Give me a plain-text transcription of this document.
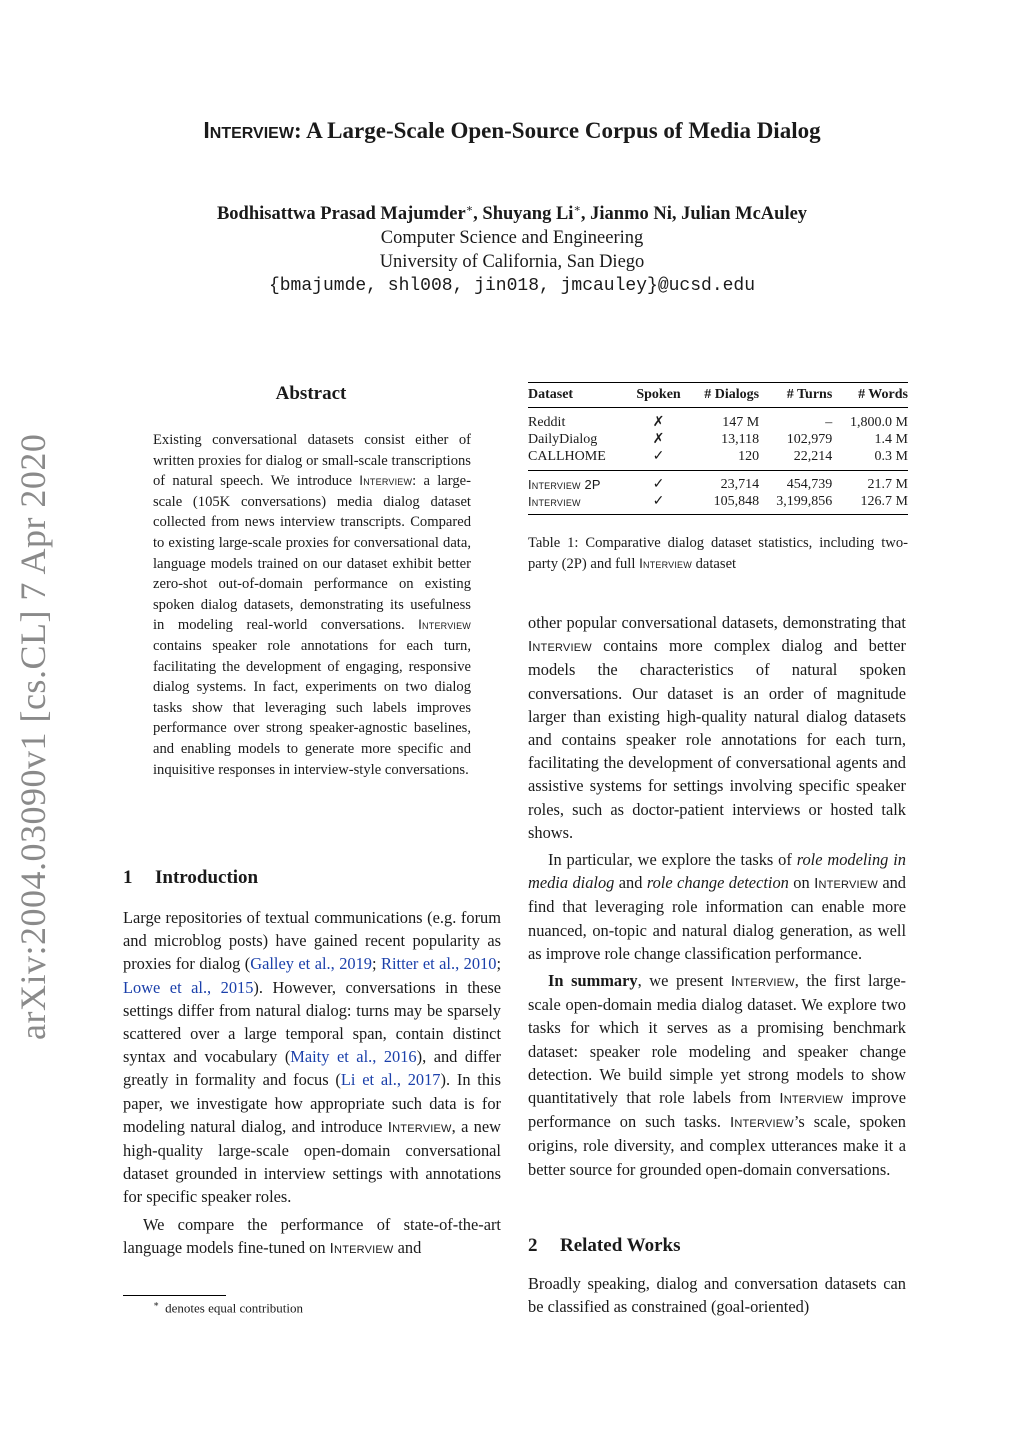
arXiv:2004.03090v1 [cs.CL] 7 Apr 2020
Interview: A Large-Scale Open-Source Corpus of Media Dialog
Bodhisattwa Prasad Majumder∗, Shuyang Li∗, Jianmo Ni, Julian McAuley
Computer Science and Engineering
University of California, San Diego
{bmajumde, shl008, jin018, jmcauley}@ucsd.edu
Abstract
Existing conversational datasets consist either of written proxies for dialog or small-scale transcriptions of natural speech. We introduce Interview: a large-scale (105K conversations) media dialog dataset collected from news interview transcripts. Compared to existing large-scale proxies for conversational data, language models trained on our dataset exhibit better zero-shot out-of-domain performance on existing spoken dialog datasets, demonstrating its usefulness in modeling real-world conversations. Interview contains speaker role annotations for each turn, facilitating the development of engaging, responsive dialog systems. In fact, experiments on two dialog tasks show that leveraging such labels improves performance over strong speaker-agnostic baselines, and enabling models to generate more specific and inquisitive responses in interview-style conversations.
1 Introduction

Large repositories of textual communications (e.g. forum and microblog posts) have gained recent popularity as proxies for dialog (Galley et al., 2019; Ritter et al., 2010; Lowe et al., 2015). However, conversations in these settings differ from natural dialog: turns may be sparsely scattered over a large temporal span, contain distinct syntax and vocabulary (Maity et al., 2016), and differ greatly in formality and focus (Li et al., 2017). In this paper, we investigate how appropriate such data is for modeling natural dialog, and introduce Interview, a new high-quality large-scale open-domain conversational dataset grounded in interview settings with annotations for specific speaker roles.

We compare the performance of state-of-the-art language models fine-tuned on Interview and

∗ denotes equal contribution
Dataset	Spoken	# Dialogs	# Turns	# Words
Reddit	✗	147 M	–	1,800.0 M
DailyDialog	✗	13,118	102,979	1.4 M
CALLHOME	✓	120	22,214	0.3 M
Interview 2P	✓	23,714	454,739	21.7 M
Interview	✓	105,848	3,199,856	126.7 M
Table 1: Comparative dialog dataset statistics, including two-party (2P) and full Interview dataset

other popular conversational datasets, demonstrating that Interview contains more complex dialog and better models the characteristics of natural spoken conversations. Our dataset is an order of magnitude larger than existing high-quality natural dialog datasets and contains speaker role annotations for each turn, facilitating the development of conversational agents and assistive systems for settings involving specific speaker roles, such as doctor-patient interviews or hosted talk shows.

In particular, we explore the tasks of role modeling in media dialog and role change detection on Interview and find that leveraging role information can enable more nuanced, on-topic and natural dialog generation, as well as improve role change classification performance.

In summary, we present Interview, the first large-scale open-domain media dialog dataset. We explore two tasks for which it serves as a promising benchmark dataset: speaker role modeling and speaker change detection. We build simple yet strong models to show quantitatively that role labels from Interview improve performance on such tasks. Interview’s scale, spoken origins, role diversity, and complex utterances make it a better source for grounded open-domain conversations.

2 Related Works

Broadly speaking, dialog and conversation datasets can be classified as constrained (goal-oriented)
